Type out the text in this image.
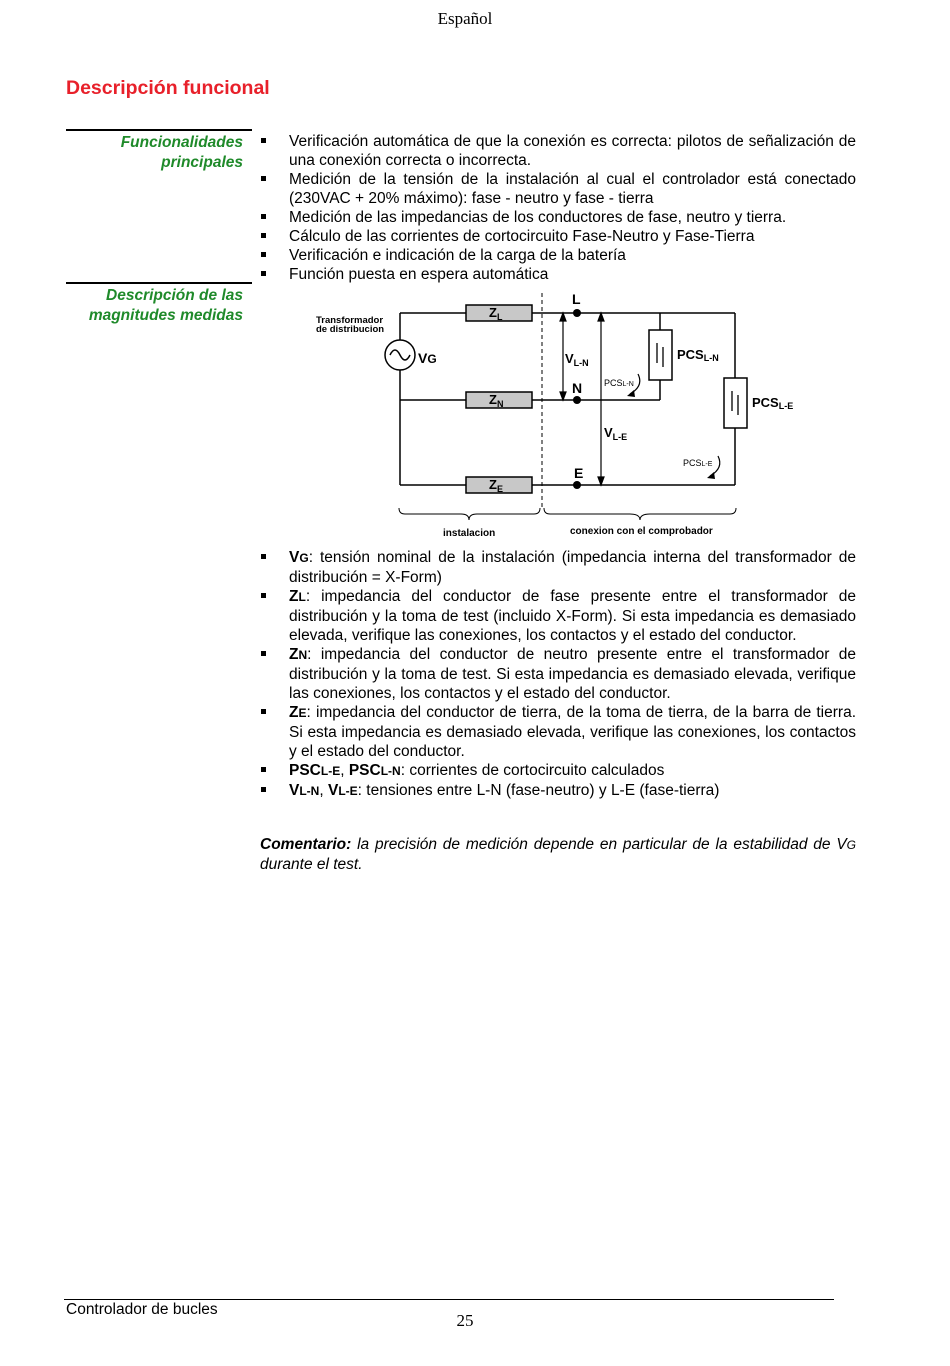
Español
Descripción funcional
Funcionalidades
principales
Descripción de las
magnitudes medidas
Verificación automática de que la conexión es correcta: pilotos de señalización de una conexión correcta o incorrecta.
Medición de la tensión de la instalación al cual el controlador está conectado (230VAC + 20% máximo): fase - neutro y fase - tierra
Medición de las impedancias de los conductores de fase, neutro y tierra.
Cálculo de las corrientes de cortocircuito Fase-Neutro y Fase-Tierra
Verificación e indicación de la carga de la batería
Función puesta en espera automática
Transformador
de distribucion
VG
$Z_L$
$Z_N$
$Z_E$
L
N
E
$V_{L-N}$
$V_{L-E}$
PCSL-N
PCSL-E
PCSL-N
PCSL-E
instalacion	conexion con el comprobador
VG: tensión nominal de la instalación (impedancia interna del transformador de distribución = X-Form)
ZL: impedancia del conductor de fase presente entre el transformador de distribución y la toma de test (incluido X-Form). Si esta impedancia es demasiado elevada, verifique las conexiones, los contactos y el estado del conductor.
ZN: impedancia del conductor de neutro presente entre el transformador de distribución y la toma de test. Si esta impedancia es demasiado elevada, verifique las conexiones, los contactos y el estado del conductor.
ZE: impedancia del conductor de tierra, de la toma de tierra, de la barra de tierra. Si esta impedancia es demasiado elevada, verifique las conexiones, los contactos y el estado del conductor.
PSCL-E, PSCL-N: corrientes de cortocircuito calculados
VL-N, VL-E: tensiones entre L-N (fase-neutro) y L-E (fase-tierra)
Comentario: la precisión de medición depende en particular de la estabilidad de VG durante el test.
Controlador de bucles
25
